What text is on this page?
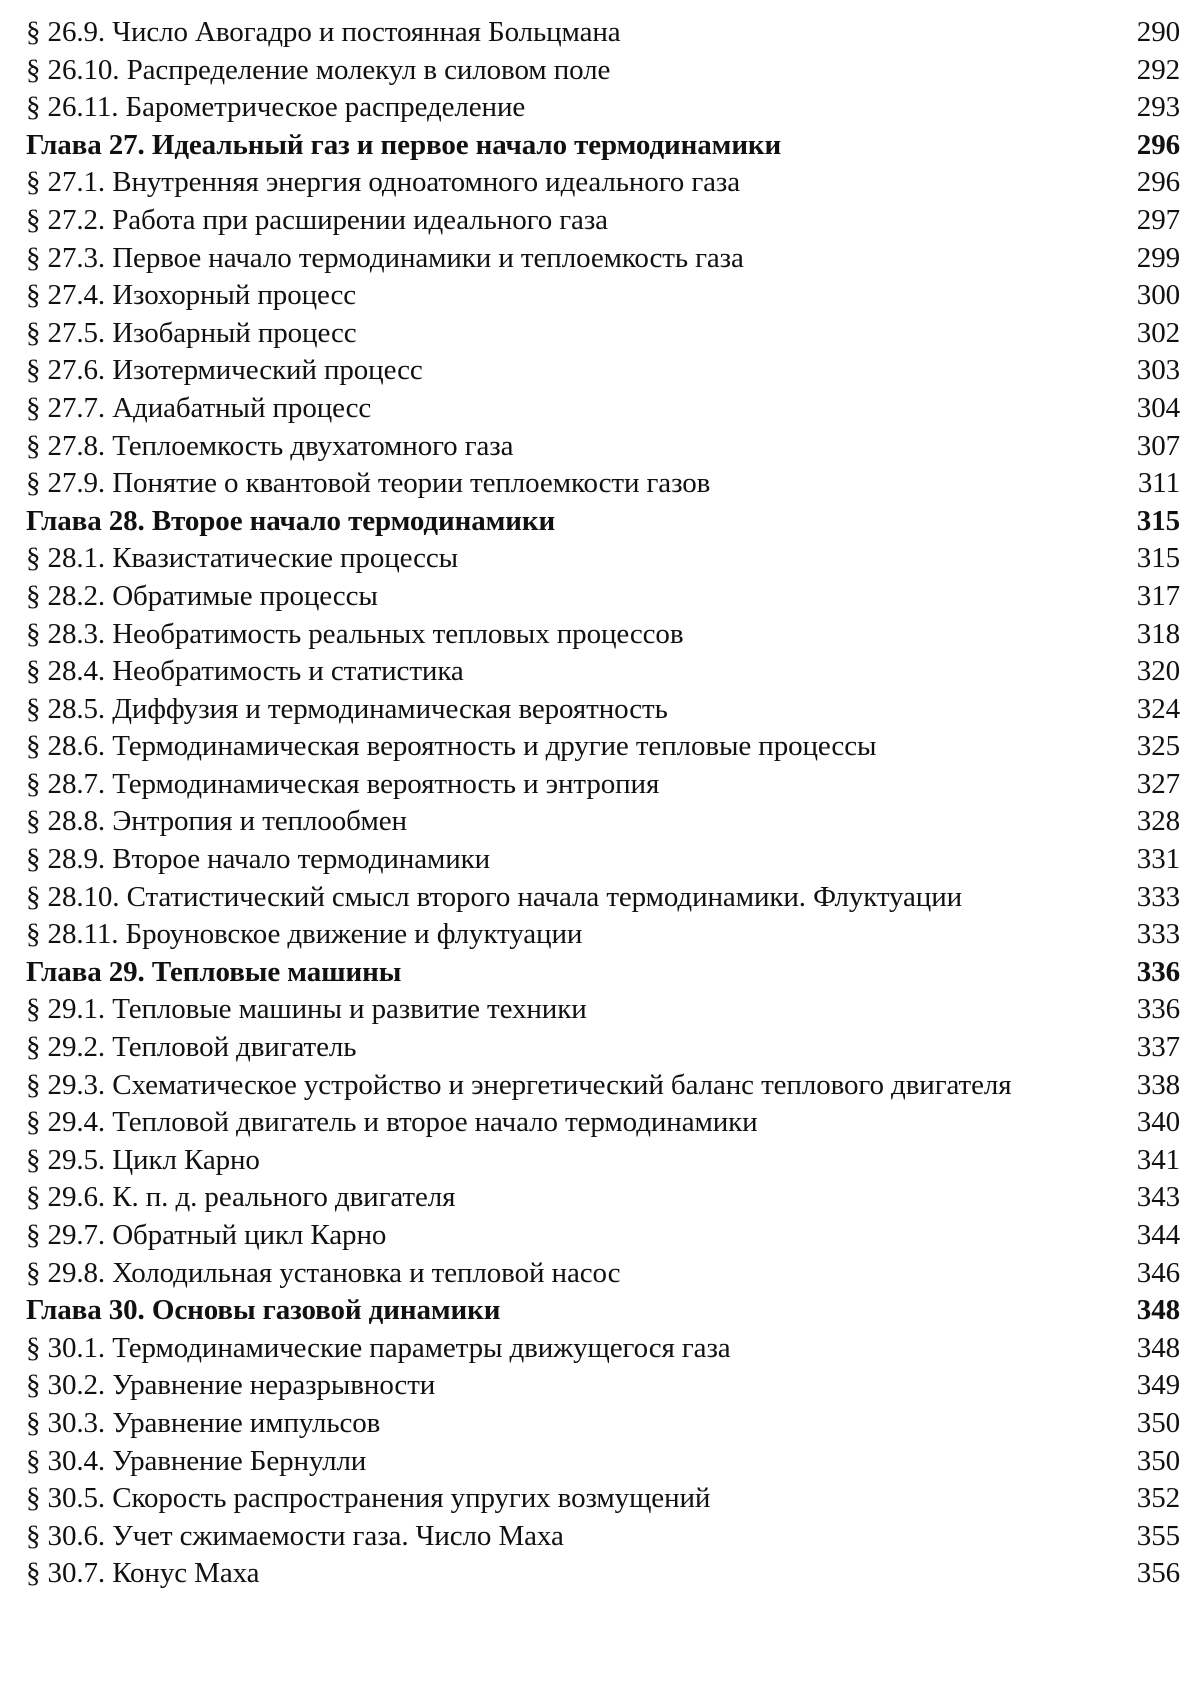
§ 26.9. Число Авогадро и постоянная Больцмана	290
§ 26.10. Распределение молекул в силовом поле	292
§ 26.11. Барометрическое распределение	293
Глава 27. Идеальный газ и первое начало термодинамики	296
§ 27.1. Внутренняя энергия одноатомного идеального газа	296
§ 27.2. Работа при расширении идеального газа	297
§ 27.3. Первое начало термодинамики и теплоемкость газа	299
§ 27.4. Изохорный процесс	300
§ 27.5. Изобарный процесс	302
§ 27.6. Изотермический процесс	303
§ 27.7. Адиабатный процесс	304
§ 27.8. Теплоемкость двухатомного газа	307
§ 27.9. Понятие о квантовой теории теплоемкости газов	311
Глава 28. Второе начало термодинамики	315
§ 28.1. Квазистатические процессы	315
§ 28.2. Обратимые процессы	317
§ 28.3. Необратимость реальных тепловых процессов	318
§ 28.4. Необратимость и статистика	320
§ 28.5. Диффузия и термодинамическая вероятность	324
§ 28.6. Термодинамическая вероятность и другие тепловые процессы	325
§ 28.7. Термодинамическая вероятность и энтропия	327
§ 28.8. Энтропия и теплообмен	328
§ 28.9. Второе начало термодинамики	331
§ 28.10. Статистический смысл второго начала термодинамики. Флуктуации	333
§ 28.11. Броуновское движение и флуктуации	333
Глава 29. Тепловые машины	336
§ 29.1. Тепловые машины и развитие техники	336
§ 29.2. Тепловой двигатель	337
§ 29.3. Схематическое устройство и энергетический баланс теплового двигателя	338
§ 29.4. Тепловой двигатель и второе начало термодинамики	340
§ 29.5. Цикл Карно	341
§ 29.6. К. п. д. реального двигателя	343
§ 29.7. Обратный цикл Карно	344
§ 29.8. Холодильная установка и тепловой насос	346
Глава 30. Основы газовой динамики	348
§ 30.1. Термодинамические параметры движущегося газа	348
§ 30.2. Уравнение неразрывности	349
§ 30.3. Уравнение импульсов	350
§ 30.4. Уравнение Бернулли	350
§ 30.5. Скорость распространения упругих возмущений	352
§ 30.6. Учет сжимаемости газа. Число Маха	355
§ 30.7. Конус Маха	356
